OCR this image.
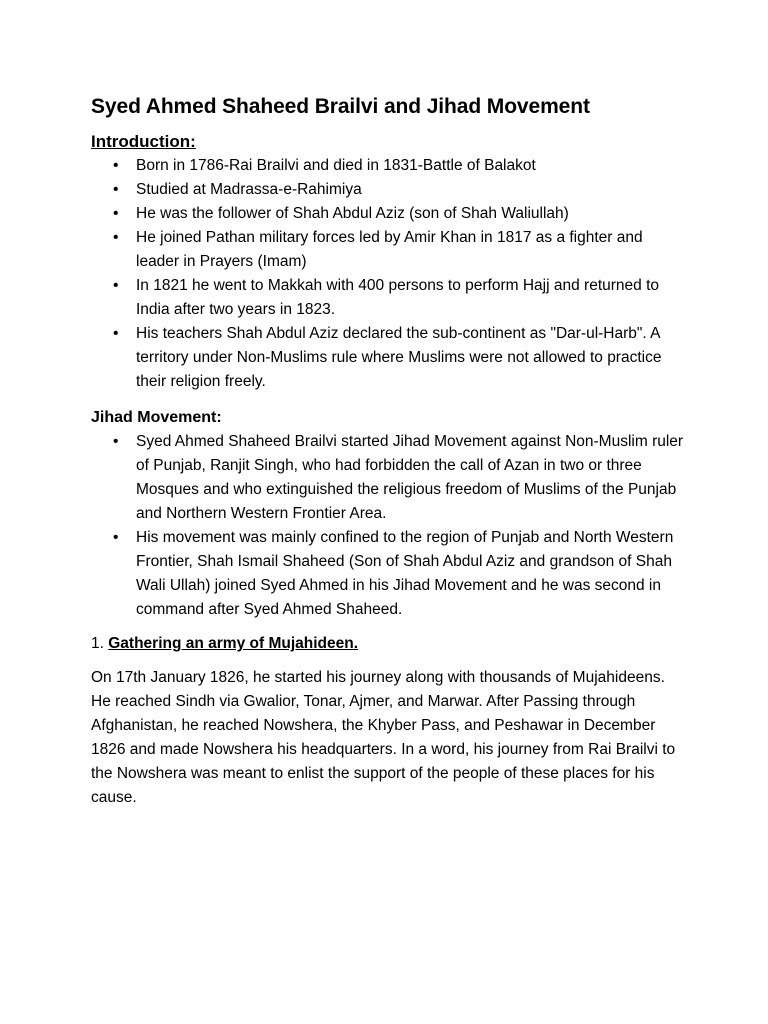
Syed Ahmed Shaheed Brailvi and Jihad Movement
Introduction:
• Born in 1786-Rai Brailvi and died in 1831-Battle of Balakot
• Studied at Madrassa-e-Rahimiya
• He was the follower of Shah Abdul Aziz (son of Shah Waliullah)
• He joined Pathan military forces led by Amir Khan in 1817 as a fighter and leader in Prayers (Imam)
• In 1821 he went to Makkah with 400 persons to perform Hajj and returned to India after two years in 1823.
• His teachers Shah Abdul Aziz declared the sub-continent as "Dar-ul-Harb". A territory under Non-Muslims rule where Muslims were not allowed to practice their religion freely.
Jihad Movement:
• Syed Ahmed Shaheed Brailvi started Jihad Movement against Non-Muslim ruler of Punjab, Ranjit Singh, who had forbidden the call of Azan in two or three Mosques and who extinguished the religious freedom of Muslims of the Punjab and Northern Western Frontier Area.
• His movement was mainly confined to the region of Punjab and North Western Frontier, Shah Ismail Shaheed (Son of Shah Abdul Aziz and grandson of Shah Wali Ullah) joined Syed Ahmed in his Jihad Movement and he was second in command after Syed Ahmed Shaheed.
1. Gathering an army of Mujahideen.

On 17th January 1826, he started his journey along with thousands of Mujahideens. He reached Sindh via Gwalior, Tonar, Ajmer, and Marwar. After Passing through Afghanistan, he reached Nowshera, the Khyber Pass, and Peshawar in December 1826 and made Nowshera his headquarters. In a word, his journey from Rai Brailvi to the Nowshera was meant to enlist the support of the people of these places for his cause.
